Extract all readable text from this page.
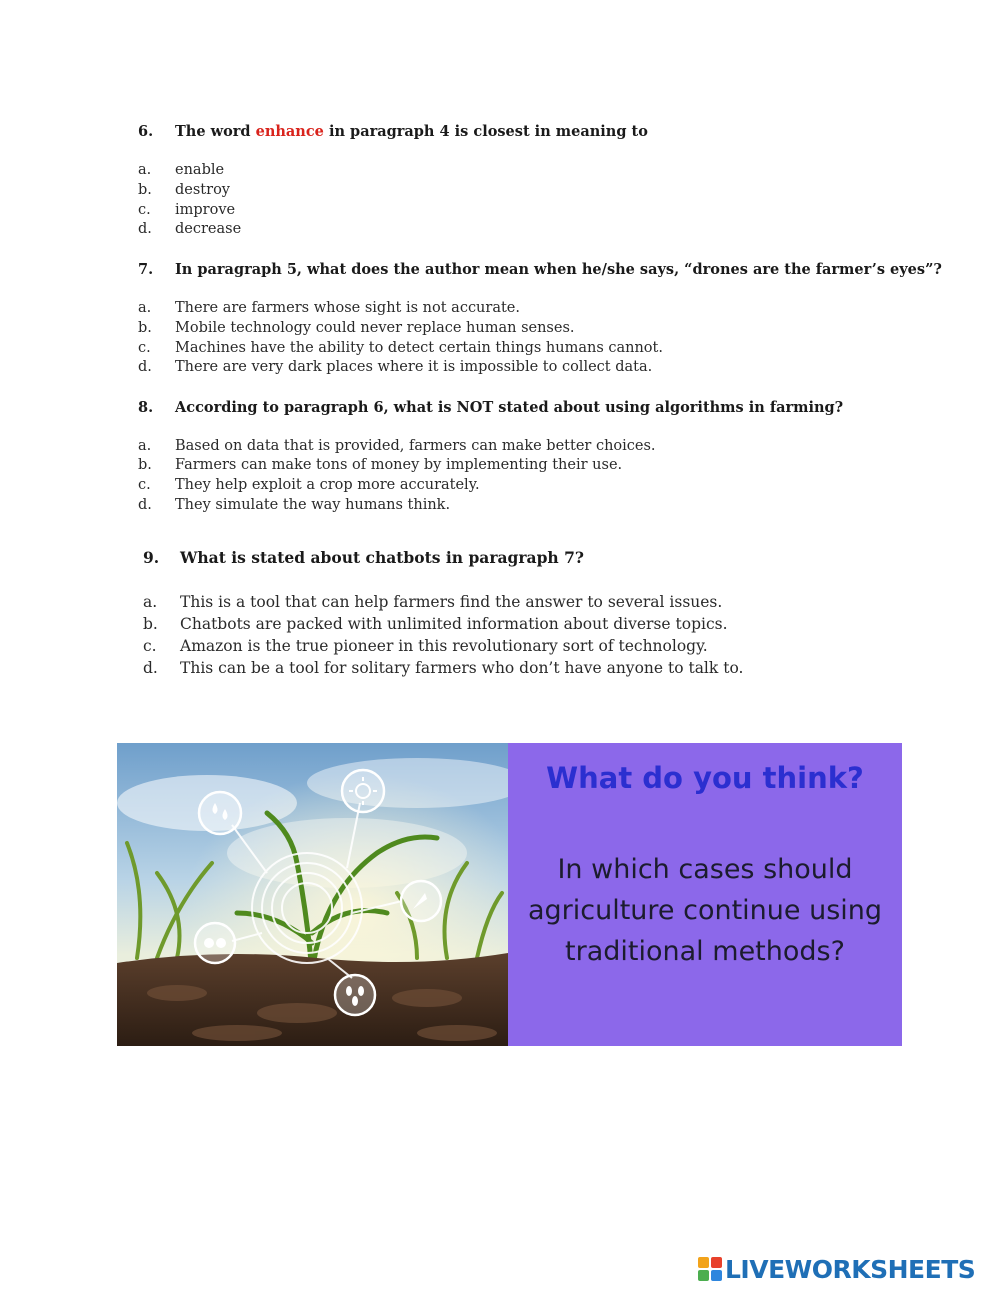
6. The word enhance in paragraph 4 is closest in meaning to
a. enable
b. destroy
c. improve
d. decrease
7. In paragraph 5, what does the author mean when he/she says, “drones are the farmer’s eyes”?
a. There are farmers whose sight is not accurate.
b. Mobile technology could never replace human senses.
c. Machines have the ability to detect certain things humans cannot.
d. There are very dark places where it is impossible to collect data.
8. According to paragraph 6, what is NOT stated about using algorithms in farming?
a. Based on data that is provided, farmers can make better choices.
b. Farmers can make tons of money by implementing their use.
c. They help exploit a crop more accurately.
d. They simulate the way humans think.
9. What is stated about chatbots in paragraph 7?
a. This is a tool that can help farmers find the answer to several issues.
b. Chatbots are packed with unlimited information about diverse topics.
c. Amazon is the true pioneer in this revolutionary sort of technology.
d. This can be a tool for solitary farmers who don’t have anyone to talk to.
What do you think?
In which cases should
agriculture continue using
traditional methods?
LIVEWORKSHEETS
